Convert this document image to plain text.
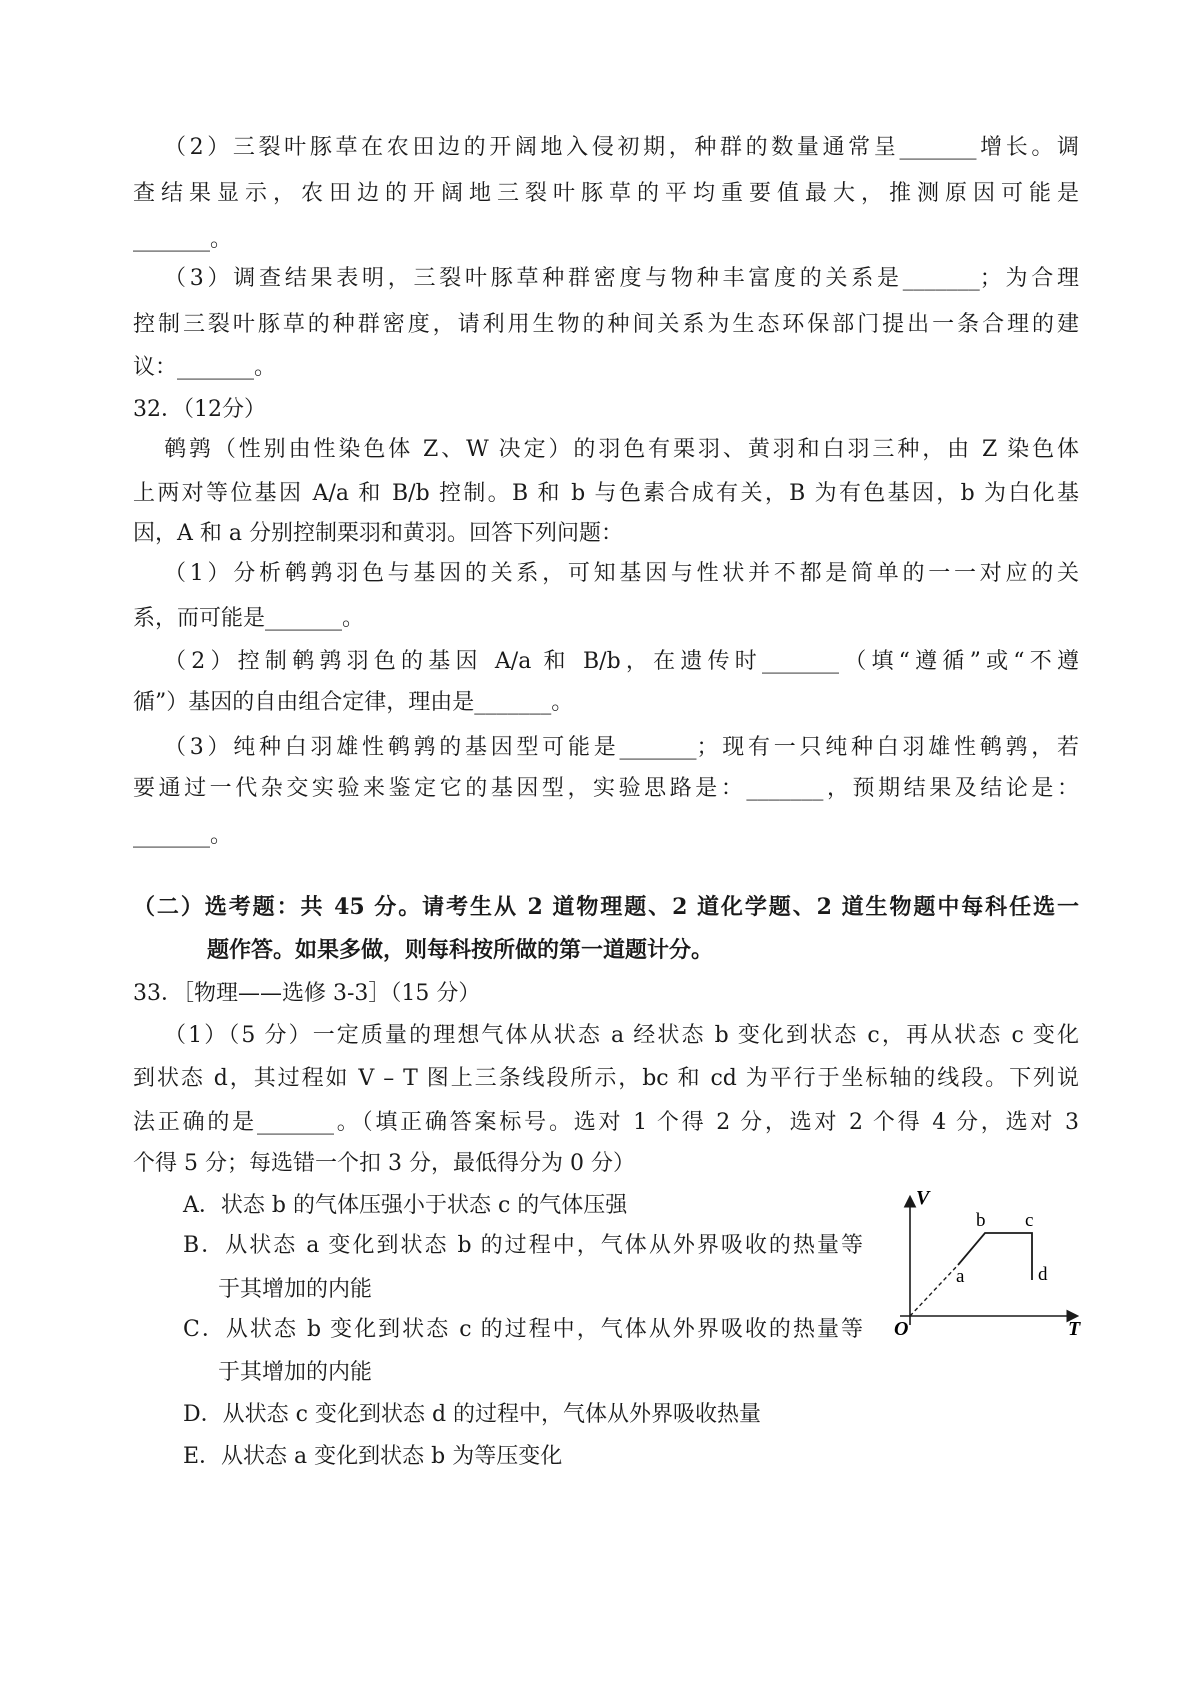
（2）三裂叶豚草在农田边的开阔地入侵初期，种群的数量通常呈_______增长。调
查结果显示，农田边的开阔地三裂叶豚草的平均重要值最大，推测原因可能是
_______。
（3）调查结果表明，三裂叶豚草种群密度与物种丰富度的关系是_______；为合理
控制三裂叶豚草的种群密度，请利用生物的种间关系为生态环保部门提出一条合理的建
议：_______。
32．（12分）
鹌鹑（性别由性染色体 Z、W 决定）的羽色有栗羽、黄羽和白羽三种，由 Z 染色体
上两对等位基因 A/a 和 B/b 控制。B 和 b 与色素合成有关，B 为有色基因，b 为白化基
因，A 和 a 分别控制栗羽和黄羽。回答下列问题：
（1）分析鹌鹑羽色与基因的关系，可知基因与性状并不都是简单的一一对应的关
系，而可能是_______。
（2）控制鹌鹑羽色的基因 A/a 和 B/b，在遗传时_______（填“遵循”或“不遵
循”）基因的自由组合定律，理由是_______。
（3）纯种白羽雄性鹌鹑的基因型可能是_______；现有一只纯种白羽雄性鹌鹑，若
要通过一代杂交实验来鉴定它的基因型，实验思路是：_______，预期结果及结论是：
_______。
（二）选考题：共 45 分。请考生从 2 道物理题、2 道化学题、2 道生物题中每科任选一
题作答。如果多做，则每科按所做的第一道题计分。
33．［物理——选修 3-3］（15 分）
（1）（5 分）一定质量的理想气体从状态 a 经状态 b 变化到状态 c，再从状态 c 变化
到状态 d，其过程如 V – T 图上三条线段所示，bc 和 cd 为平行于坐标轴的线段。下列说
法正确的是_______。（填正确答案标号。选对 1 个得 2 分，选对 2 个得 4 分，选对 3
个得 5 分；每选错一个扣 3 分，最低得分为 0 分）
A．状态 b 的气体压强小于状态 c 的气体压强
B．从状态 a 变化到状态 b 的过程中，气体从外界吸收的热量等
于其增加的内能
C．从状态 b 变化到状态 c 的过程中，气体从外界吸收的热量等
于其增加的内能
D．从状态 c 变化到状态 d 的过程中，气体从外界吸收热量
E．从状态 a 变化到状态 b 为等压变化
V
T
O
a
b c
d
